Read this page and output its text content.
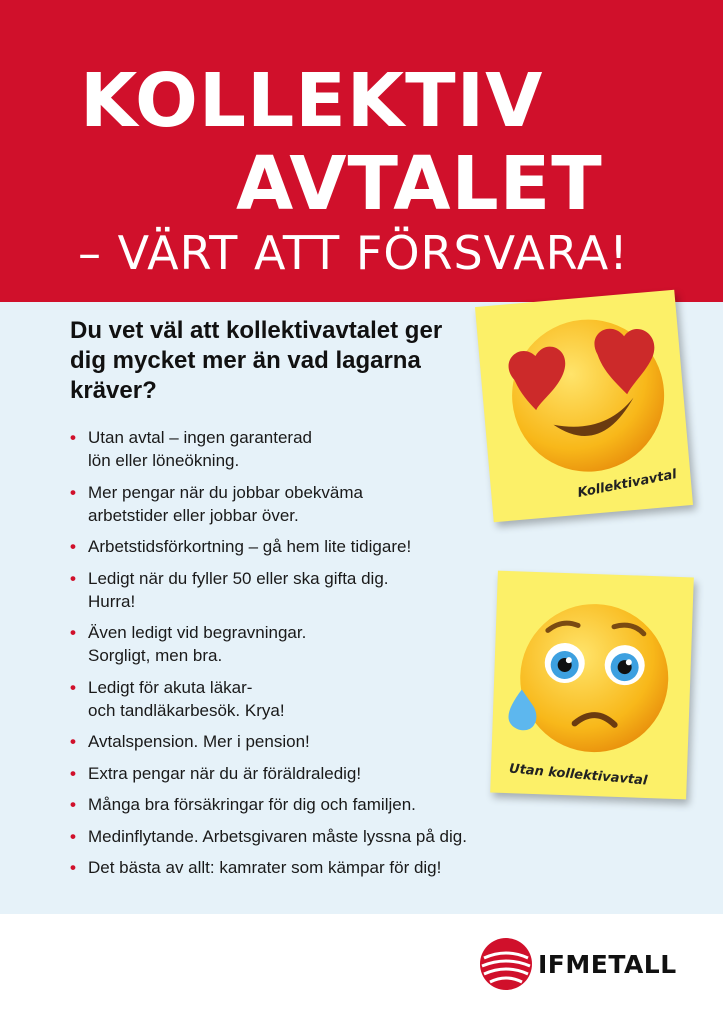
KOLLEKTIV
AVTALET
– VÄRT ATT FÖRSVARA!
Du vet väl att kollektivavtalet ger dig mycket mer än vad lagarna kräver?
• Utan avtal – ingen garanterad
lön eller löneökning.
• Mer pengar när du jobbar obekväma
arbetstider eller jobbar över.
• Arbetstidsförkortning – gå hem lite tidigare!
• Ledigt när du fyller 50 eller ska gifta dig.
Hurra!
• Även ledigt vid begravningar.
Sorgligt, men bra.
• Ledigt för akuta läkar-
och tandläkarbesök. Krya!
• Avtalspension. Mer i pension!
• Extra pengar när du är föräldraledig!
• Många bra försäkringar för dig och familjen.
• Medinflytande. Arbetsgivaren måste lyssna på dig.
• Det bästa av allt: kamrater som kämpar för dig!
Kollektivavtal
Utan kollektivavtal
IFMETALL
